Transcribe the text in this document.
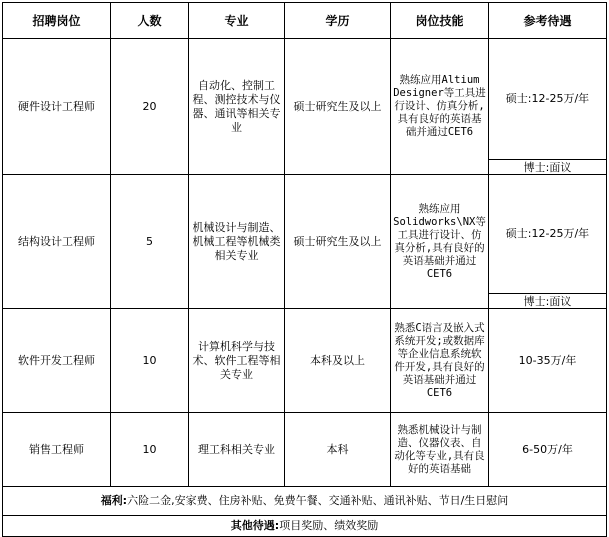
招聘岗位	人数	专业	学历	岗位技能	参考待遇
硬件设计工程师	20	自动化、控制工程、测控技术与仪器、通讯等相关专业	硕士研究生及以上	熟练应用Altium Designer等工具进行设计、仿真分析,具有良好的英语基础并通过CET6	硕士:12-25万/年
					博士:面议
结构设计工程师	5	机械设计与制造、机械工程等机械类相关专业	硕士研究生及以上	熟练应用Solidworks\NX等工具进行设计、仿真分析,具有良好的英语基础并通过CET6	硕士:12-25万/年
					博士:面议
软件开发工程师	10	计算机科学与技术、软件工程等相关专业	本科及以上	熟悉C语言及嵌入式系统开发;或数据库等企业信息系统软件开发,具有良好的英语基础并通过CET6	10-35万/年
销售工程师	10	理工科相关专业	本科	熟悉机械设计与制造、仪器仪表、自动化等专业,具有良好的英语基础	6-50万/年
福利:六险二金,安家费、住房补贴、免费午餐、交通补贴、通讯补贴、节日/生日慰问					
其他待遇:项目奖励、绩效奖励					
